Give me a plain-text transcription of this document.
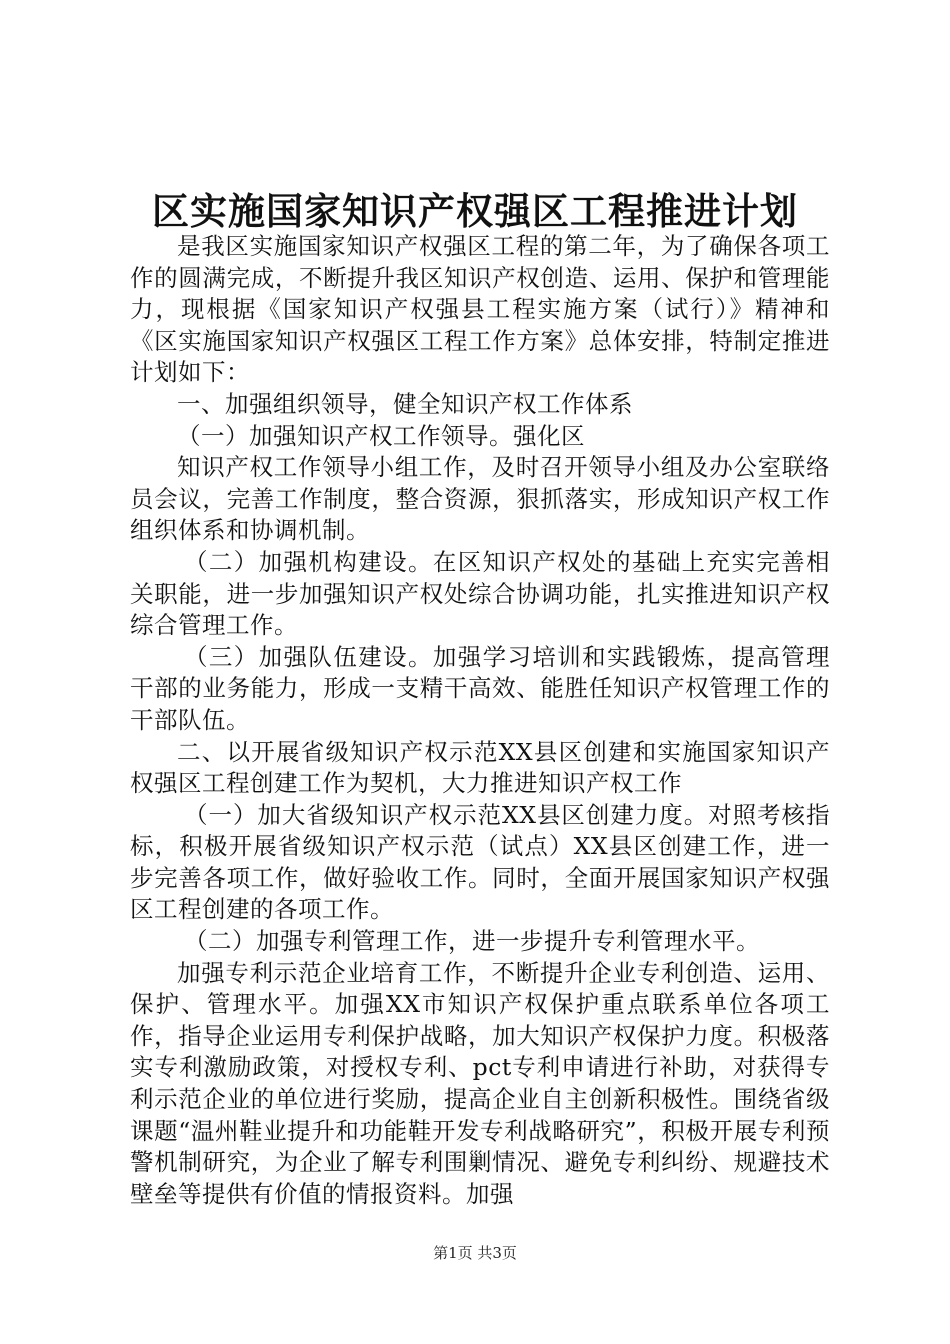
区实施国家知识产权强区工程推进计划

是我区实施国家知识产权强区工程的第二年，为了确保各项工作的圆满完成，不断提升我区知识产权创造、运用、保护和管理能力，现根据《国家知识产权强县工程实施方案（试行）》精神和《区实施国家知识产权强区工程工作方案》总体安排，特制定推进计划如下：

一、加强组织领导，健全知识产权工作体系

（一）加强知识产权工作领导。强化区

知识产权工作领导小组工作，及时召开领导小组及办公室联络员会议，完善工作制度，整合资源，狠抓落实，形成知识产权工作组织体系和协调机制。

（二）加强机构建设。在区知识产权处的基础上充实完善相关职能，进一步加强知识产权处综合协调功能，扎实推进知识产权综合管理工作。

（三）加强队伍建设。加强学习培训和实践锻炼，提高管理干部的业务能力，形成一支精干高效、能胜任知识产权管理工作的干部队伍。

二、以开展省级知识产权示范XX县区创建和实施国家知识产权强区工程创建工作为契机，大力推进知识产权工作

（一）加大省级知识产权示范XX县区创建力度。对照考核指标，积极开展省级知识产权示范（试点）XX县区创建工作，进一步完善各项工作，做好验收工作。同时，全面开展国家知识产权强区工程创建的各项工作。

（二）加强专利管理工作，进一步提升专利管理水平。

加强专利示范企业培育工作，不断提升企业专利创造、运用、保护、管理水平。加强XX市知识产权保护重点联系单位各项工作，指导企业运用专利保护战略，加大知识产权保护力度。积极落实专利激励政策，对授权专利、pct专利申请进行补助，对获得专利示范企业的单位进行奖励，提高企业自主创新积极性。围绕省级课题“温州鞋业提升和功能鞋开发专利战略研究”，积极开展专利预警机制研究，为企业了解专利围剿情况、避免专利纠纷、规避技术壁垒等提供有价值的情报资料。加强

第1页 共3页
